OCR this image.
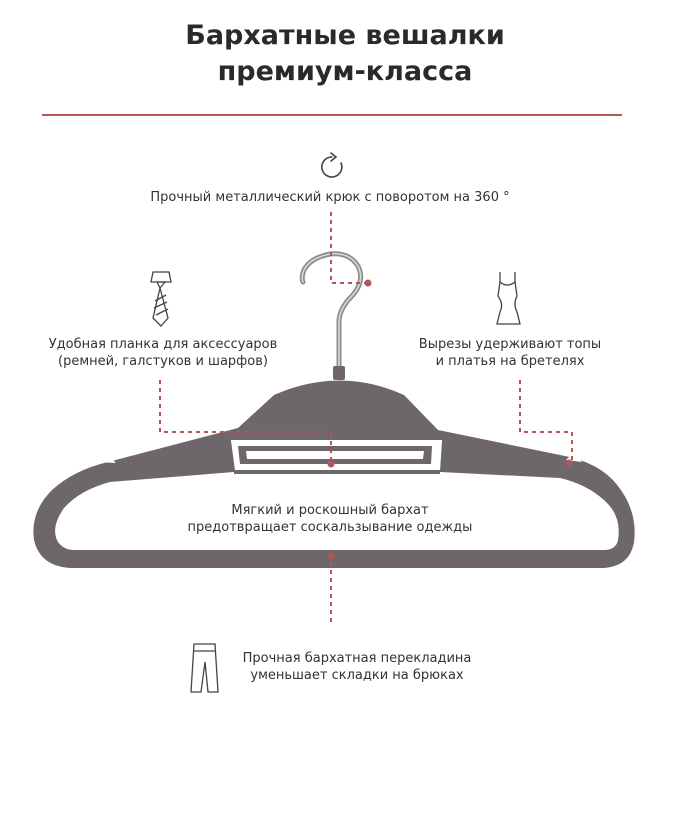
Бархатные вешалки
премиум-класса
Прочный металлический крюк с поворотом на 360 °
Удобная планка для аксессуаров
(ремней, галстуков и шарфов)
Вырезы удерживают топы
и платья на бретелях
Мягкий и роскошный бархат
предотвращает соскальзывание одежды
Прочная бархатная перекладина
уменьшает складки на брюках
